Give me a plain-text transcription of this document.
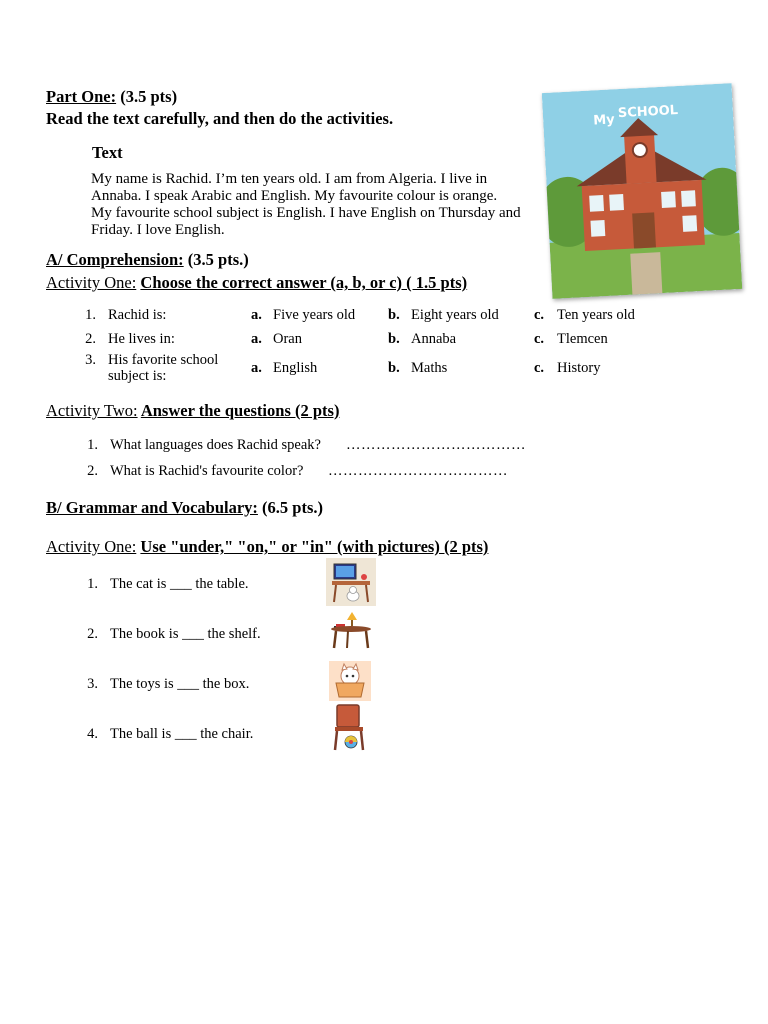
Part One: (3.5 pts)
Read the text carefully, and then do the activities.
Text
My name is Rachid. I’m ten years old. I am from Algeria. I live in
Annaba. I speak Arabic and English. My favourite colour is orange.
My favourite school subject is English. I have English on Thursday and
Friday. I love English.
My SCHOOL
A/ Comprehension: (3.5 pts.)
Activity One: Choose the correct answer (a, b, or c) ( 1.5 pts)
1. Rachid is:	a. Five years old b. Eight years old c. Ten years old
2. He lives in:	a. Oran	b. Annaba	c. Tlemcen
3. His favorite school
subject is:	a. English	b. Maths	c. History
Activity Two: Answer the questions (2 pts)
1. What languages does Rachid speak? ………………………………
2. What is Rachid's favourite color? ………………………………
B/ Grammar and Vocabulary: (6.5 pts.)
Activity One: Use "under," "on," or "in" (with pictures) (2 pts)
1. The cat is ___ the table.
2. The book is ___ the shelf.
3. The toys is ___ the box.
4. The ball is ___ the chair.
